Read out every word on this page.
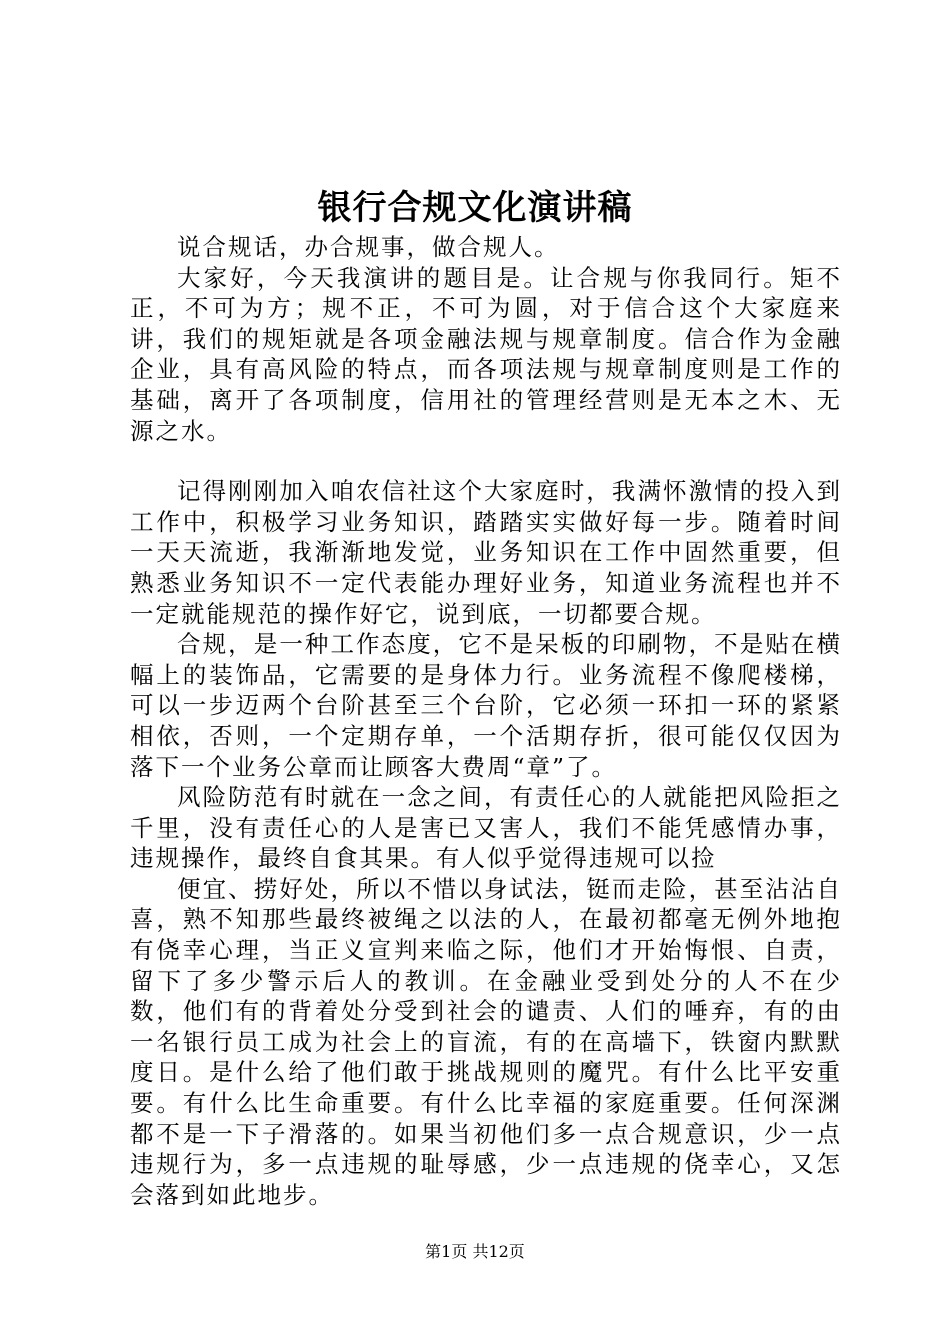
银行合规文化演讲稿

说合规话，办合规事，做合规人。

大家好，今天我演讲的题目是。让合规与你我同行。矩不正，不可为方；规不正，不可为圆，对于信合这个大家庭来讲，我们的规矩就是各项金融法规与规章制度。信合作为金融企业，具有高风险的特点，而各项法规与规章制度则是工作的基础，离开了各项制度，信用社的管理经营则是无本之木、无源之水。

记得刚刚加入咱农信社这个大家庭时，我满怀激情的投入到工作中，积极学习业务知识，踏踏实实做好每一步。随着时间一天天流逝，我渐渐地发觉，业务知识在工作中固然重要，但熟悉业务知识不一定代表能办理好业务，知道业务流程也并不一定就能规范的操作好它，说到底，一切都要合规。

合规，是一种工作态度，它不是呆板的印刷物，不是贴在横幅上的装饰品，它需要的是身体力行。业务流程不像爬楼梯，可以一步迈两个台阶甚至三个台阶，它必须一环扣一环的紧紧相依，否则，一个定期存单，一个活期存折，很可能仅仅因为落下一个业务公章而让顾客大费周“章”了。

风险防范有时就在一念之间，有责任心的人就能把风险拒之千里，没有责任心的人是害已又害人，我们不能凭感情办事，违规操作，最终自食其果。有人似乎觉得违规可以捡

便宜、捞好处，所以不惜以身试法，铤而走险，甚至沾沾自喜，熟不知那些最终被绳之以法的人，在最初都毫无例外地抱有侥幸心理，当正义宣判来临之际，他们才开始悔恨、自责，留下了多少警示后人的教训。在金融业受到处分的人不在少数，他们有的背着处分受到社会的谴责、人们的唾弃，有的由一名银行员工成为社会上的盲流，有的在高墙下，铁窗内默默度日。是什么给了他们敢于挑战规则的魔咒。有什么比平安重要。有什么比生命重要。有什么比幸福的家庭重要。任何深渊都不是一下子滑落的。如果当初他们多一点合规意识，少一点违规行为，多一点违规的耻辱感，少一点违规的侥幸心，又怎会落到如此地步。

第1页 共12页
